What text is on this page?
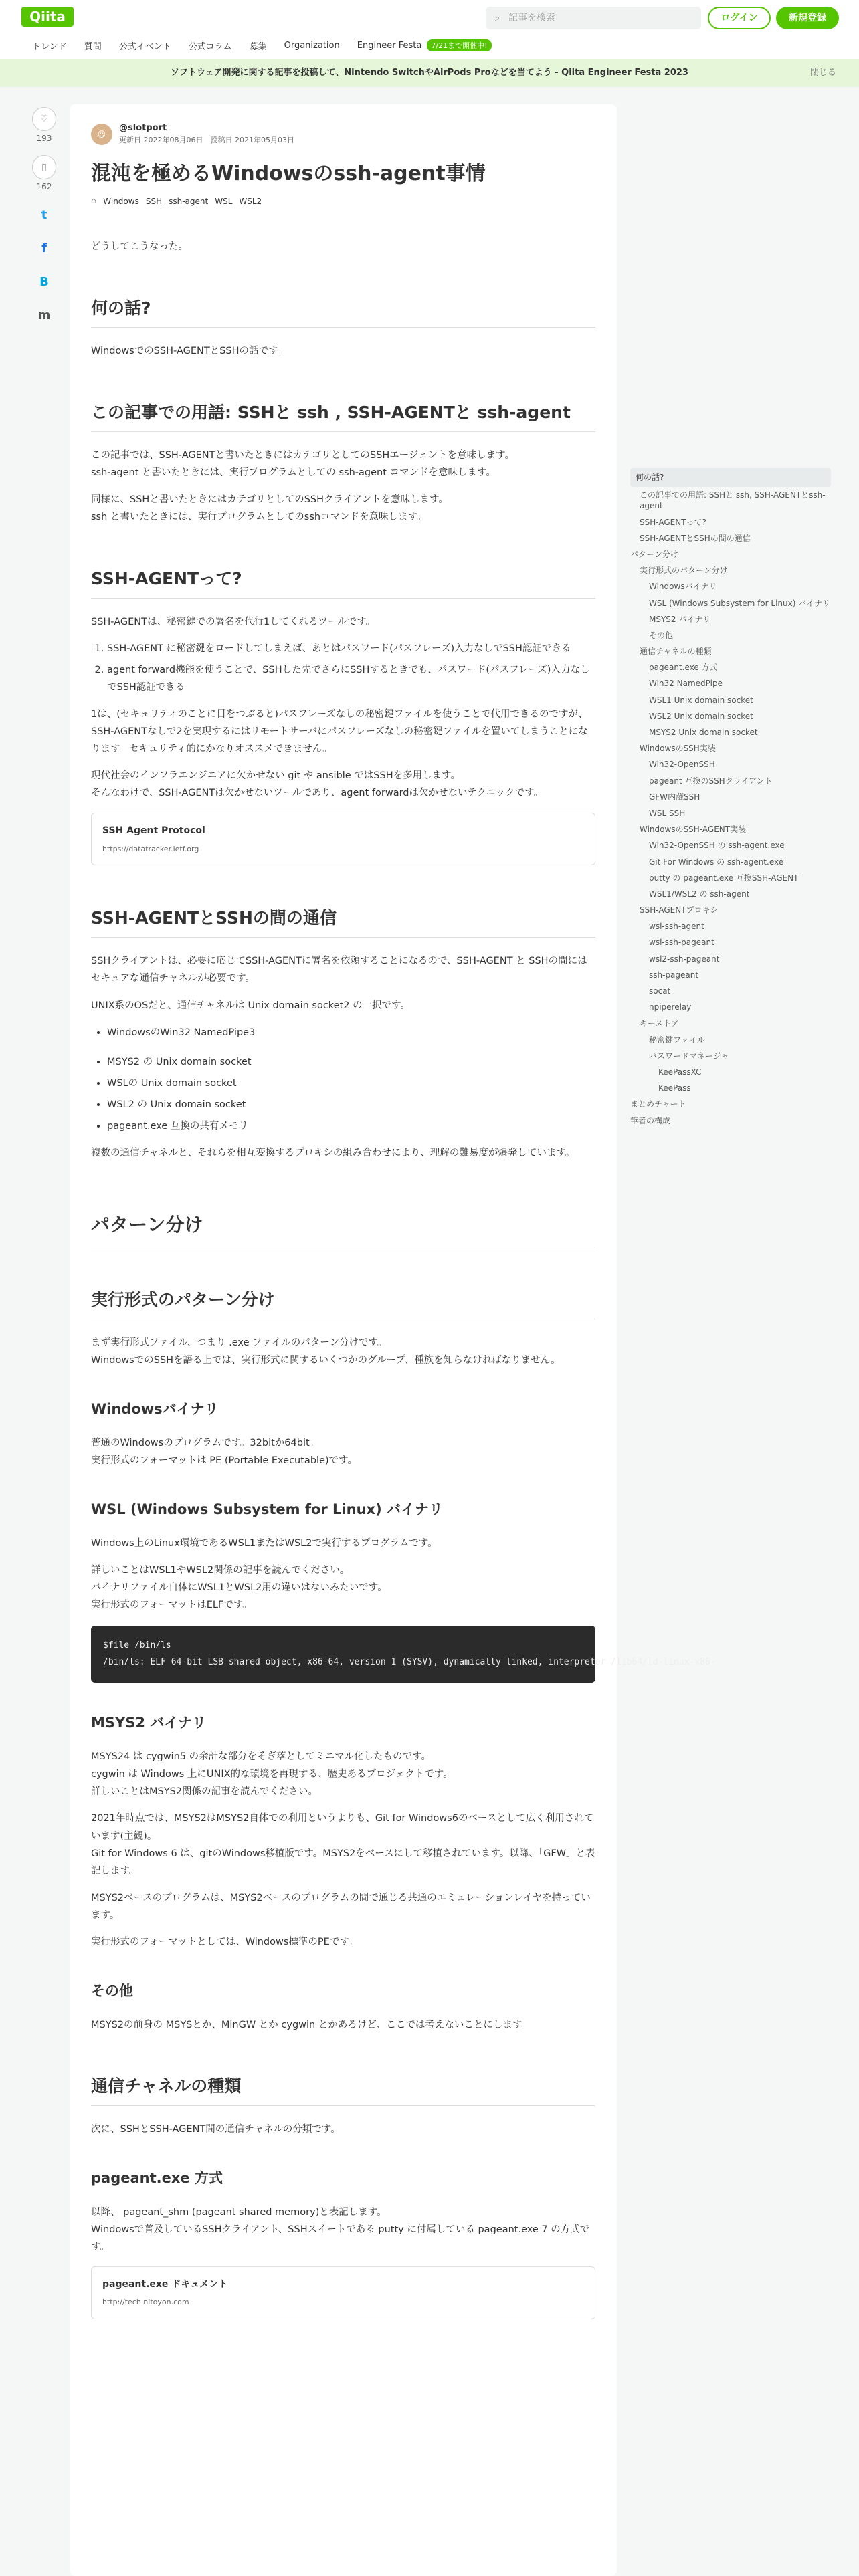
Qiita	⌕ 記事を検索	ログイン	新規登録
トレンド 質問 公式イベント 公式コラム 募集 Organization Engineer Festa	7/21まで開催中!
ソフトウェア開発に関する記事を投稿して、Nintendo SwitchやAirPods Proなどを当てよう - Qiita Engineer Festa 2023	閉じる
♡
193
▯
162
t
f
B
m
☺
@slotport
更新日 2022年08月06日　 投稿日 2021年05月03日
混沌を極めるWindowsのssh-agent事情
⌂ Windows SSH ssh-agent WSL WSL2

どうしてこうなった。

何の話?

WindowsでのSSH-AGENTとSSHの話です。

この記事での用語: SSHと ssh , SSH-AGENTと ssh-agent

この記事では、SSH-AGENTと書いたときにはカテゴリとしてのSSHエージェントを意味します。
ssh-agent と書いたときには、実行プログラムとしての ssh-agent コマンドを意味します。

同様に、SSHと書いたときにはカテゴリとしてのSSHクライアントを意味します。
ssh と書いたときには、実行プログラムとしてのsshコマンドを意味します。

SSH-AGENTって?

SSH-AGENTは、秘密鍵での署名を代行1してくれるツールです。

1. SSH-AGENT に秘密鍵をロードしてしまえば、あとはパスワード(パスフレーズ)入力なしでSSH認証できる
2. agent forward機能を使うことで、SSHした先でさらにSSHするときでも、パスワード(パスフレーズ)入力なしでSSH認証できる

1は、(セキュリティのことに目をつぶると)パスフレーズなしの秘密鍵ファイルを使うことで代用できるのですが、SSH-AGENTなしで2を実現するにはリモートサーバにパスフレーズなしの秘密鍵ファイルを置いてしまうことになります。セキュリティ的にかなりオススメできません。

現代社会のインフラエンジニアに欠かせない git や ansible ではSSHを多用します。
そんなわけで、SSH-AGENTは欠かせないツールであり、agent forwardは欠かせないテクニックです。

SSH Agent Protocol
https://datatracker.ietf.org
SSH-AGENTとSSHの間の通信

SSHクライアントは、必要に応じてSSH-AGENTに署名を依頼することになるので、SSH-AGENT と SSHの間にはセキュアな通信チャネルが必要です。

UNIX系のOSだと、通信チャネルは Unix domain socket2 の一択です。

• WindowsのWin32 NamedPipe3
• MSYS2 の Unix domain socket
• WSLの Unix domain socket
• WSL2 の Unix domain socket
• pageant.exe 互換の共有メモリ

複数の通信チャネルと、それらを相互変換するプロキシの組み合わせにより、理解の難易度が爆発しています。

パターン分け
実行形式のパターン分け

まず実行形式ファイル、つまり .exe ファイルのパターン分けです。
WindowsでのSSHを語る上では、実行形式に関するいくつかのグループ、種族を知らなければなりません。

Windowsバイナリ

普通のWindowsのプログラムです。32bitか64bit。
実行形式のフォーマットは PE (Portable Executable)です。

WSL (Windows Subsystem for Linux) バイナリ

Windows上のLinux環境であるWSL1またはWSL2で実行するプログラムです。

詳しいことはWSL1やWSL2関係の記事を読んでください。
バイナリファイル自体にWSL1とWSL2用の違いはないみたいです。
実行形式のフォーマットはELFです。

$file /bin/ls
/bin/ls: ELF 64-bit LSB shared object, x86-64, version 1 (SYSV), dynamically linked, interpreter /lib64/ld-linux-x86-
MSYS2 バイナリ

MSYS24 は cygwin5 の余計な部分をそぎ落としてミニマル化したものです。
cygwin は Windows 上にUNIX的な環境を再現する、歴史あるプロジェクトです。
詳しいことはMSYS2関係の記事を読んでください。

2021年時点では、MSYS2はMSYS2自体での利用というよりも、Git for Windows6のベースとして広く利用されています(主観)。
Git for Windows 6 は、gitのWindows移植版です。MSYS2をベースにして移植されています。以降、「GFW」と表記します。

MSYS2ベースのプログラムは、MSYS2ベースのプログラムの間で通じる共通のエミュレーションレイヤを持っています。

実行形式のフォーマットとしては、Windows標準のPEです。

その他

MSYS2の前身の MSYSとか、MinGW とか cygwin とかあるけど、ここでは考えないことにします。

通信チャネルの種類

次に、SSHとSSH-AGENT間の通信チャネルの分類です。

pageant.exe 方式

以降、 pageant_shm (pageant shared memory)と表記します。
Windowsで普及しているSSHクライアント、SSHスイートである putty に付属している pageant.exe 7 の方式です。

pageant.exe ドキュメント
http://tech.nitoyon.com
何の話?
この記事での用語: SSHと ssh, SSH-AGENTとssh-agent
SSH-AGENTって?
SSH-AGENTとSSHの間の通信
パターン分け
実行形式のパターン分け
Windowsバイナリ
WSL (Windows Subsystem for Linux) バイナリ
MSYS2 バイナリ
その他
通信チャネルの種類
pageant.exe 方式
Win32 NamedPipe
WSL1 Unix domain socket
WSL2 Unix domain socket
MSYS2 Unix domain socket
WindowsのSSH実装
Win32-OpenSSH
pageant 互換のSSHクライアント
GFW内蔵SSH
WSL SSH
WindowsのSSH-AGENT実装
Win32-OpenSSH の ssh-agent.exe
Git For Windows の ssh-agent.exe
putty の pageant.exe 互換SSH-AGENT
WSL1/WSL2 の ssh-agent
SSH-AGENTプロキシ
wsl-ssh-agent
wsl-ssh-pageant
wsl2-ssh-pageant
ssh-pageant
socat
npiperelay
キーストア
秘密鍵ファイル
パスワードマネージャ
KeePassXC
KeePass
まとめチャート
筆者の構成
